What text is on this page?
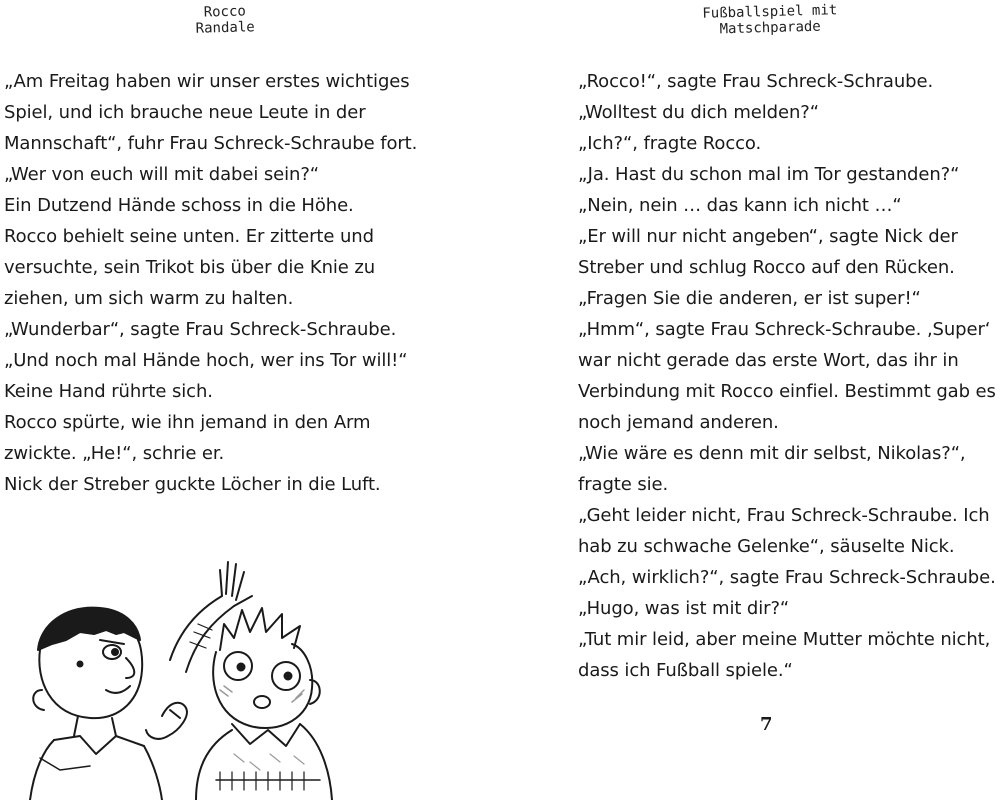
Rocco
Randale
Fußballspiel mit
Matschparade
„Am Freitag haben wir unser erstes wichtiges
Spiel, und ich brauche neue Leute in der
Mannschaft“, fuhr Frau Schreck-Schraube fort.
„Wer von euch will mit dabei sein?“
Ein Dutzend Hände schoss in die Höhe.
Rocco behielt seine unten. Er zitterte und
versuchte, sein Trikot bis über die Knie zu
ziehen, um sich warm zu halten.
„Wunderbar“, sagte Frau Schreck-Schraube.
„Und noch mal Hände hoch, wer ins Tor will!“
Keine Hand rührte sich.
Rocco spürte, wie ihn jemand in den Arm
zwickte. „He!“, schrie er.
Nick der Streber guckte Löcher in die Luft.
„Rocco!“, sagte Frau Schreck-Schraube.
„Wolltest du dich melden?“
„Ich?“, fragte Rocco.
„Ja. Hast du schon mal im Tor gestanden?“
„Nein, nein … das kann ich nicht …“
„Er will nur nicht angeben“, sagte Nick der
Streber und schlug Rocco auf den Rücken.
„Fragen Sie die anderen, er ist super!“
„Hmm“, sagte Frau Schreck-Schraube. ‚Super‘
war nicht gerade das erste Wort, das ihr in
Verbindung mit Rocco einfiel. Bestimmt gab es
noch jemand anderen.
„Wie wäre es denn mit dir selbst, Nikolas?“,
fragte sie.
„Geht leider nicht, Frau Schreck-Schraube. Ich
hab zu schwache Gelenke“, säuselte Nick.
„Ach, wirklich?“, sagte Frau Schreck-Schraube.
„Hugo, was ist mit dir?“
„Tut mir leid, aber meine Mutter möchte nicht,
dass ich Fußball spiele.“
7
